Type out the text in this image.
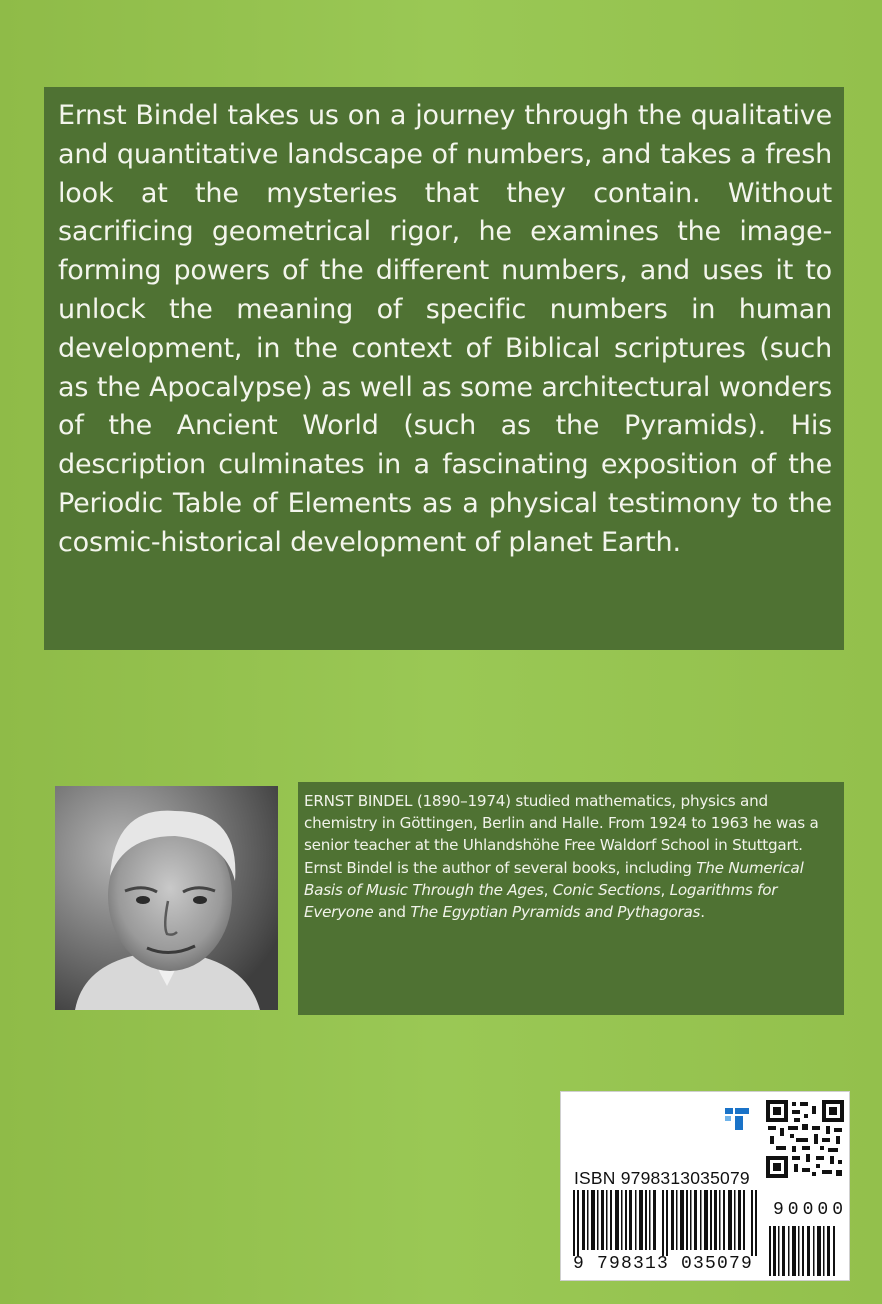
Ernst Bindel takes us on a journey through the qualitative and quantitative landscape of numbers, and takes a fresh look at the mysteries that they contain. Without sacrificing geometrical rigor, he examines the image-forming powers of the different numbers, and uses it to unlock the meaning of specific numbers in human development, in the context of Biblical scriptures (such as the Apocalypse) as well as some architectural wonders of the Ancient World (such as the Pyramids). His description culminates in a fascinating exposition of the Periodic Table of Elements as a physical testimony to the cosmic-historical development of planet Earth.

ERNST BINDEL (1890–1974) studied mathematics, physics and chemistry in Göttingen, Berlin and Halle. From 1924 to 1963 he was a senior teacher at the Uhlandshöhe Free Waldorf School in Stuttgart. Ernst Bindel is the author of several books, including The Numerical Basis of Music Through the Ages, Conic Sections, Logarithms for Everyone and The Egyptian Pyramids and Pythagoras.

ISBN 9798313035079
90000
9 798313 035079
